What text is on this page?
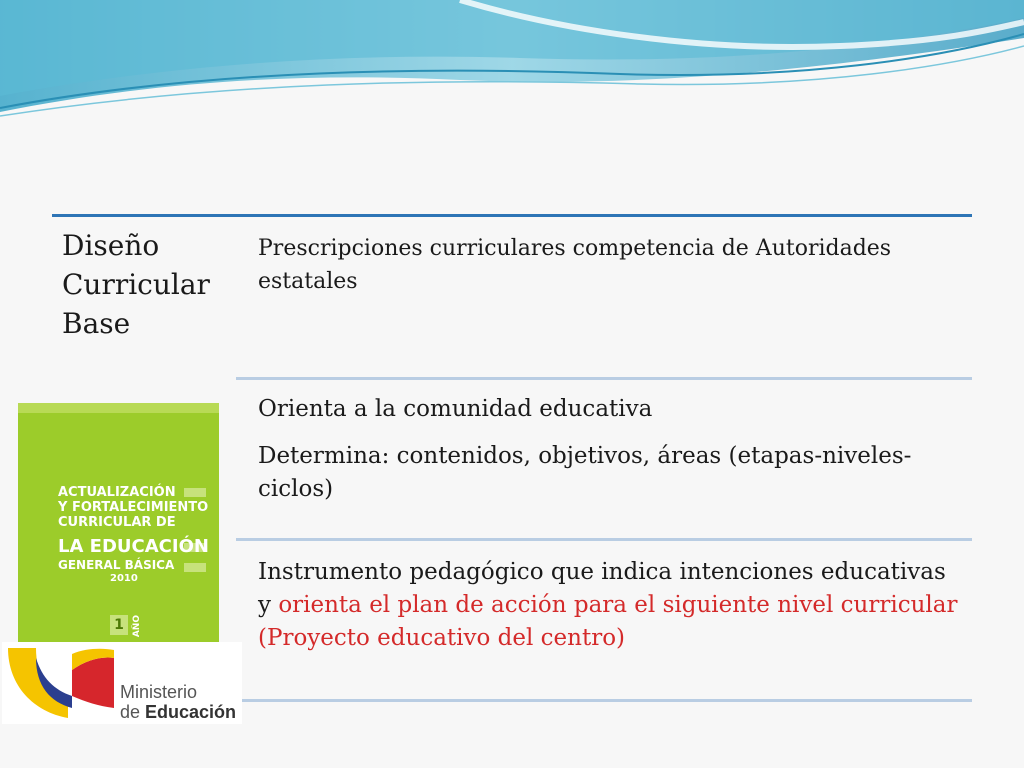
Diseño Curricular Base

Prescripciones curriculares competencia de Autoridades estatales

Orienta a la comunidad educativa

Determina: contenidos, objetivos, áreas (etapas-niveles-ciclos)

Instrumento pedagógico que indica intenciones educativas y orienta el plan de acción para el siguiente nivel curricular (Proyecto educativo del centro)

ACTUALIZACIÓN
Y FORTALECIMIENTO
CURRICULAR DE
LA EDUCACIÓN
GENERAL BÁSICA
2010
1 AÑO
Ministerio
de Educación
